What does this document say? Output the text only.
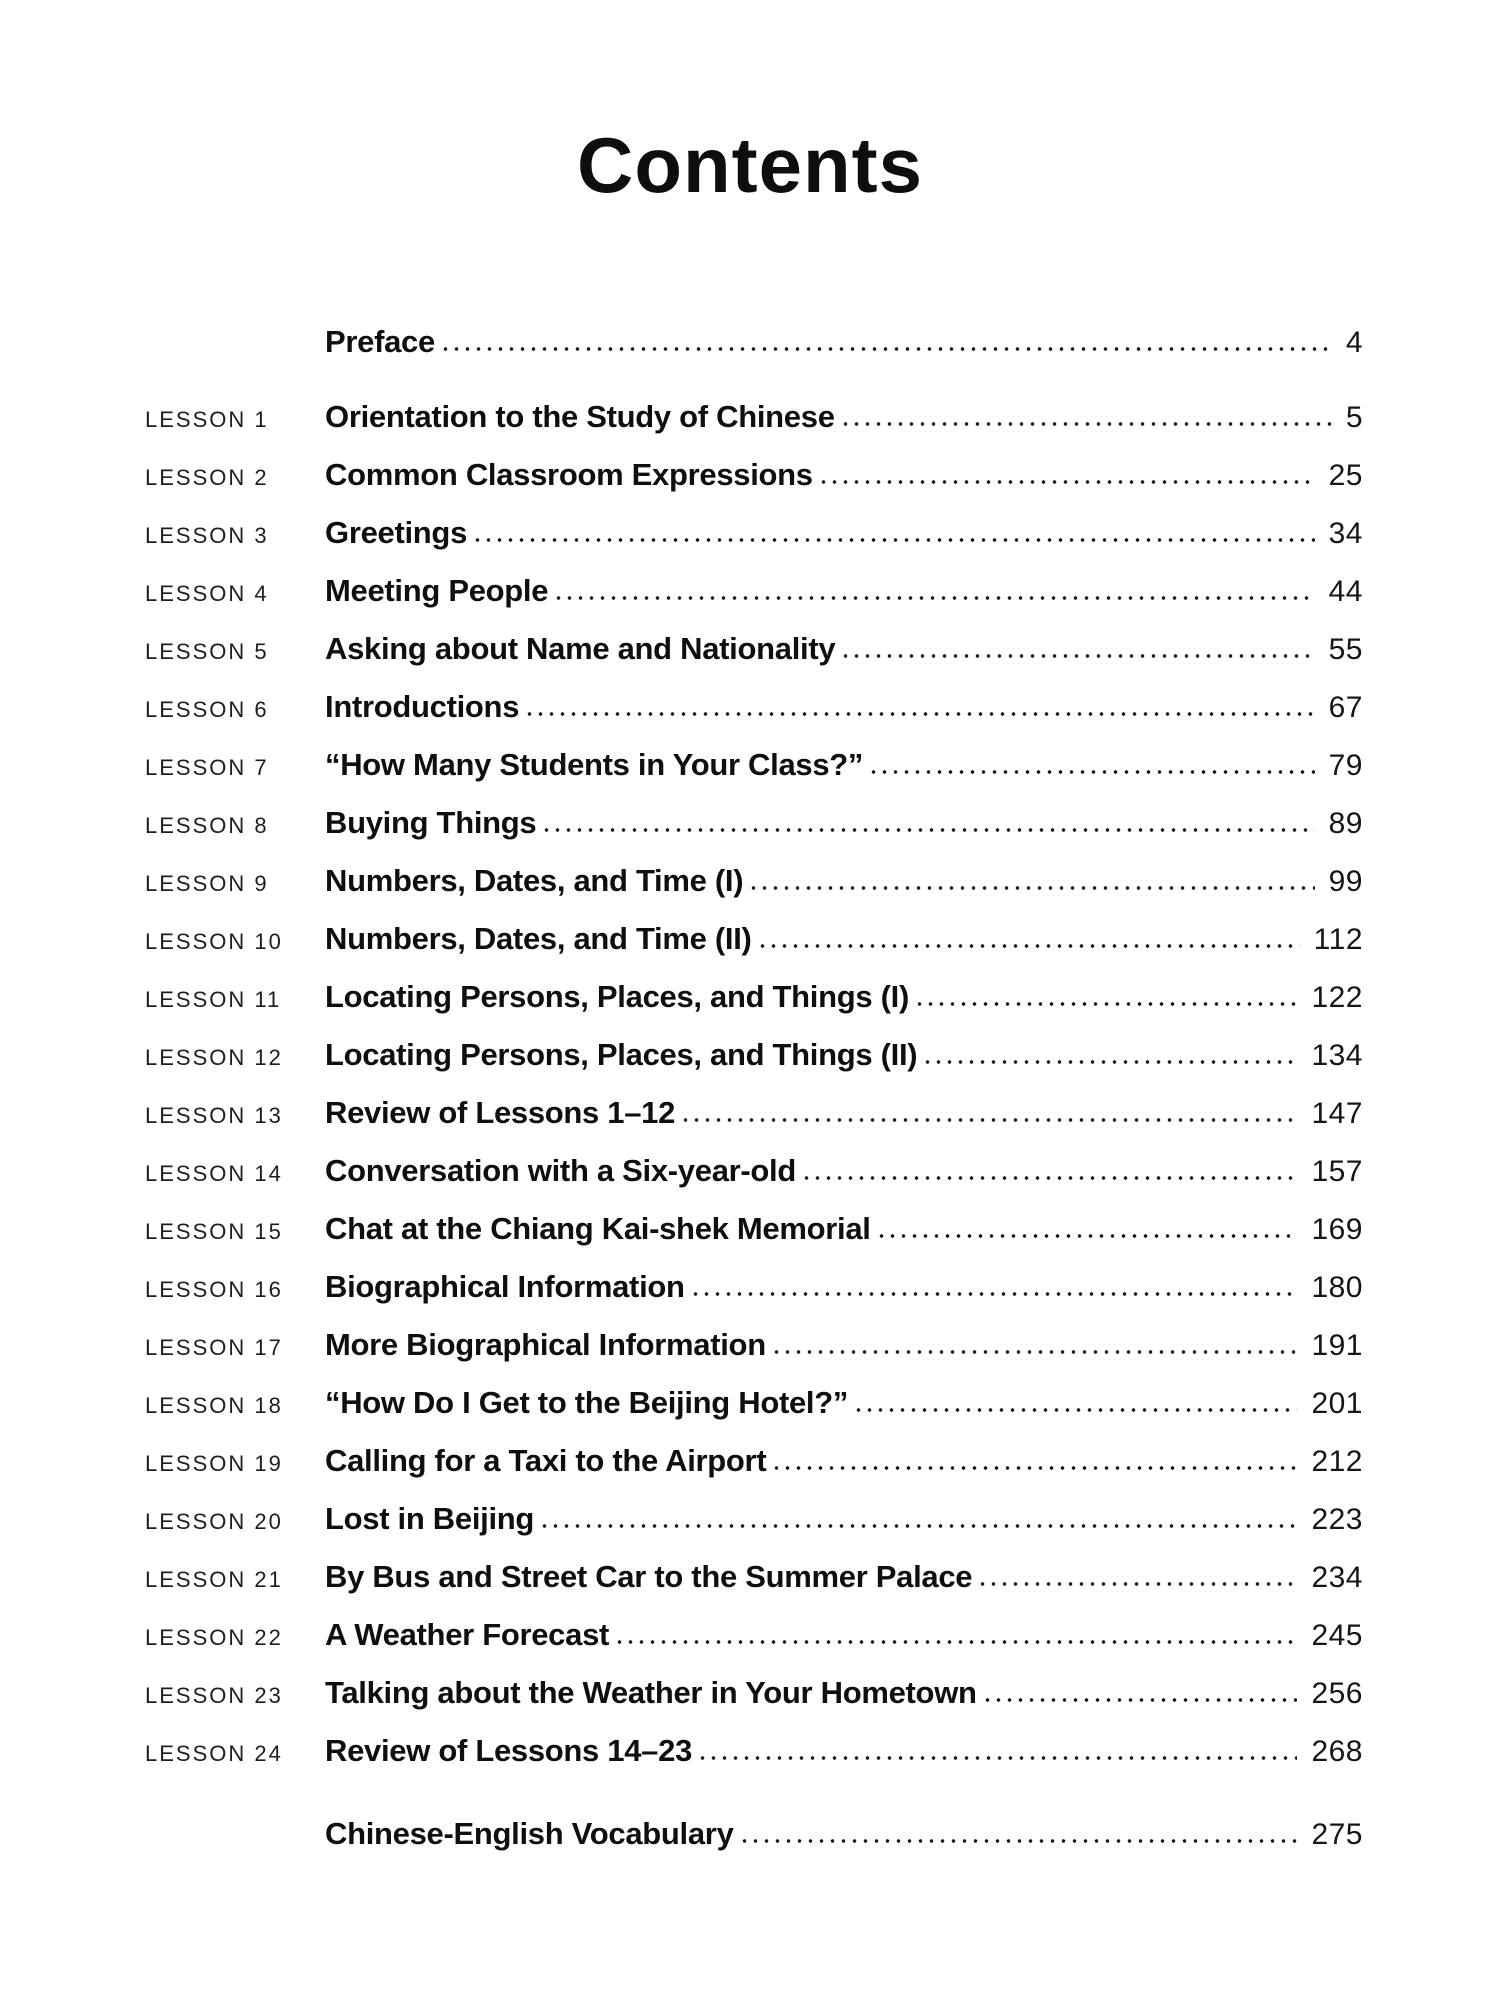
Contents
Preface	4
LESSON 1	Orientation to the Study of Chinese	5
LESSON 2	Common Classroom Expressions	25
LESSON 3	Greetings	34
LESSON 4	Meeting People	44
LESSON 5	Asking about Name and Nationality	55
LESSON 6	Introductions	67
LESSON 7	“How Many Students in Your Class?”	79
LESSON 8	Buying Things	89
LESSON 9	Numbers, Dates, and Time (I)	99
LESSON 10	Numbers, Dates, and Time (II)	112
LESSON 11	Locating Persons, Places, and Things (I)	122
LESSON 12	Locating Persons, Places, and Things (II)	134
LESSON 13	Review of Lessons 1–12	147
LESSON 14	Conversation with a Six-year-old	157
LESSON 15	Chat at the Chiang Kai-shek Memorial	169
LESSON 16	Biographical Information	180
LESSON 17	More Biographical Information	191
LESSON 18	“How Do I Get to the Beijing Hotel?”	201
LESSON 19	Calling for a Taxi to the Airport	212
LESSON 20	Lost in Beijing	223
LESSON 21	By Bus and Street Car to the Summer Palace	234
LESSON 22	A Weather Forecast	245
LESSON 23	Talking about the Weather in Your Hometown	256
LESSON 24	Review of Lessons 14–23	268
Chinese-English Vocabulary	275
